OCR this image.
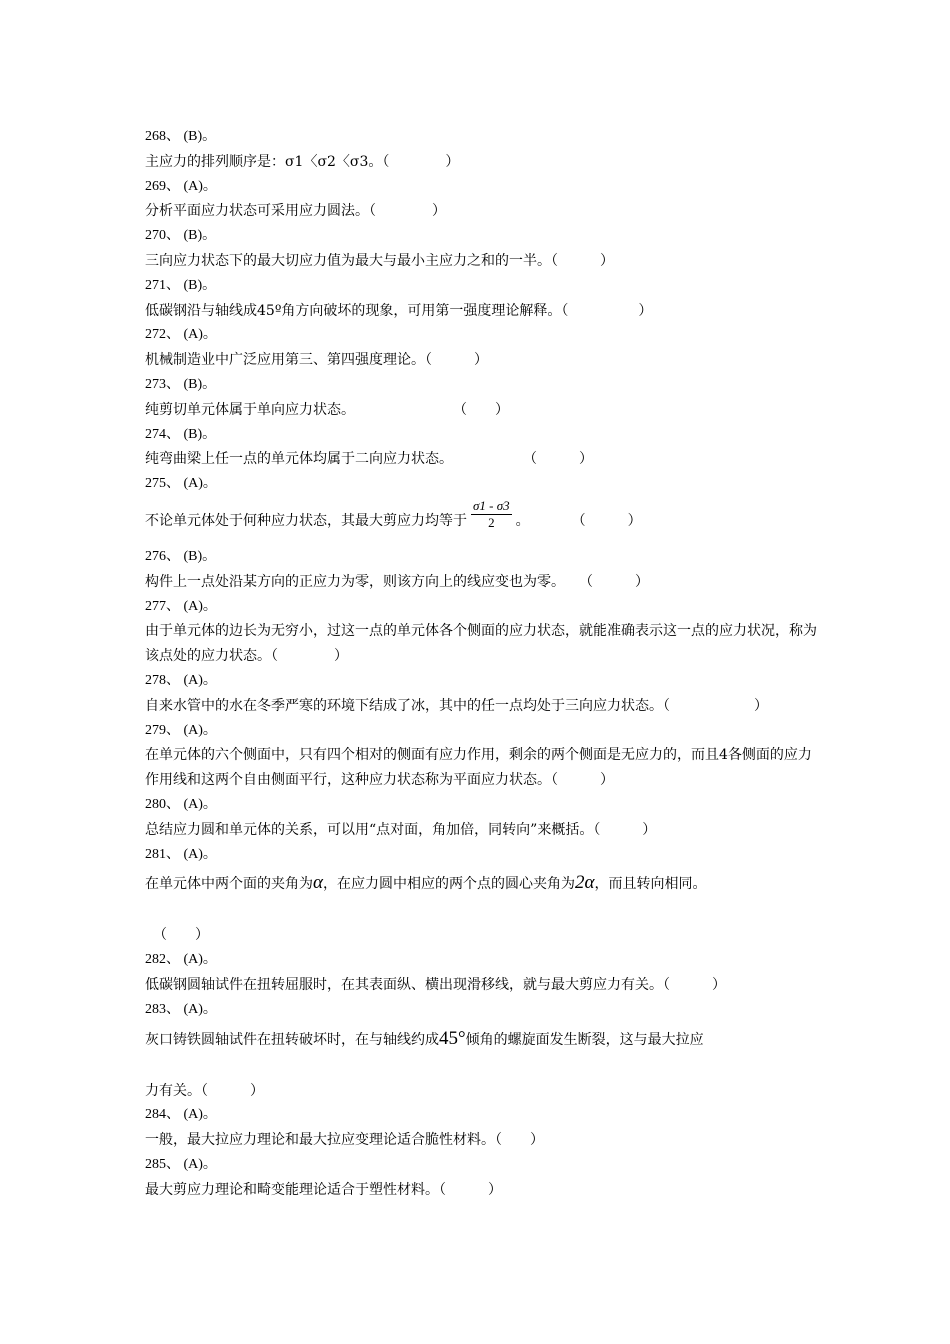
268、 (B)。
主应力的排列顺序是：σ1〈σ2〈σ3。（　　　　）
269、 (A)。
分析平面应力状态可采用应力圆法。（　　　　）
270、 (B)。
三向应力状态下的最大切应力值为最大与最小主应力之和的一半。（　　　）
271、 (B)。
低碳钢沿与轴线成45º角方向破坏的现象，可用第一强度理论解释。（　　　　　）
272、 (A)。
机械制造业中广泛应用第三、第四强度理论。（　　　）
273、 (B)。
纯剪切单元体属于单向应力状态。　　　　　　　　（　　）
274、 (B)。
纯弯曲梁上任一点的单元体均属于二向应力状态。　　　　　　（　　　）
275、 (A)。
不论单元体处于何种应力状态，其最大剪应力均等于 $\frac{\sigma 1 - \sigma 3}{2}$ 。　　　　（　　　）
276、 (B)。
构件上一点处沿某方向的正应力为零，则该方向上的线应变也为零。　　（　　　）
277、 (A)。
由于单元体的边长为无穷小，过这一点的单元体各个侧面的应力状态，就能准确表示这一点的应力状况，称为该点处的应力状态。（　　　　）
278、 (A)。
自来水管中的水在冬季严寒的环境下结成了冰，其中的任一点均处于三向应力状态。（　　　　　　）
279、 (A)。
在单元体的六个侧面中，只有四个相对的侧面有应力作用，剩余的两个侧面是无应力的，而且4各侧面的应力作用线和这两个自由侧面平行，这种应力状态称为平面应力状态。（　　　）
280、 (A)。
总结应力圆和单元体的关系，可以用“点对面，角加倍，同转向”来概括。（　　　）
281、 (A)。
在单元体中两个面的夹角为α，在应力圆中相应的两个点的圆心夹角为2α，而且转向相同。
（　　）
282、 (A)。
低碳钢圆轴试件在扭转屈服时，在其表面纵、横出现滑移线，就与最大剪应力有关。（　　　）
283、 (A)。
灰口铸铁圆轴试件在扭转破坏时，在与轴线约成45°倾角的螺旋面发生断裂，这与最大拉应
力有关。（　　　）
284、 (A)。
一般，最大拉应力理论和最大拉应变理论适合脆性材料。（　　）
285、 (A)。
最大剪应力理论和畸变能理论适合于塑性材料。（　　　）
